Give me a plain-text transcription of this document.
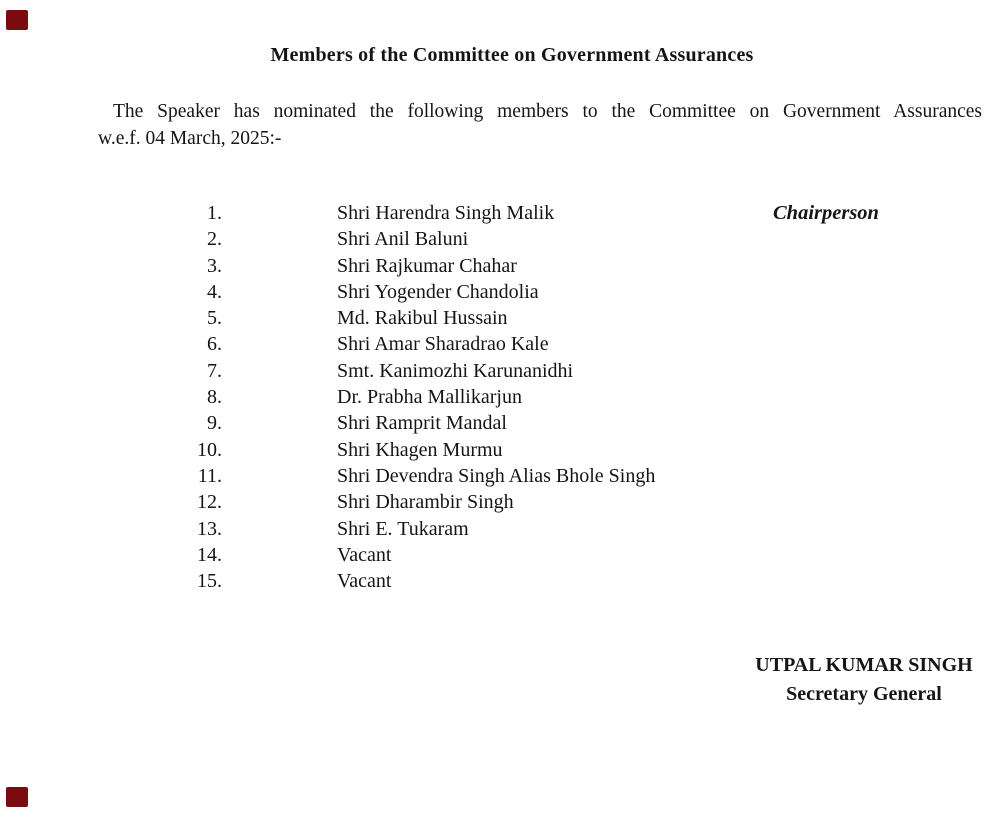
Members of the Committee on Government Assurances
The Speaker has nominated the following members to the Committee on Government Assurances
w.e.f. 04 March, 2025:-
1.	Shri Harendra Singh Malik	Chairperson
2.	Shri Anil Baluni
3.	Shri Rajkumar Chahar
4.	Shri Yogender Chandolia
5.	Md. Rakibul Hussain
6.	Shri Amar Sharadrao Kale
7.	Smt. Kanimozhi Karunanidhi
8.	Dr. Prabha Mallikarjun
9.	Shri Ramprit Mandal
10.	Shri Khagen Murmu
11.	Shri Devendra Singh Alias Bhole Singh
12.	Shri Dharambir Singh
13.	Shri E. Tukaram
14.	Vacant
15.	Vacant
UTPAL KUMAR SINGH
Secretary General
